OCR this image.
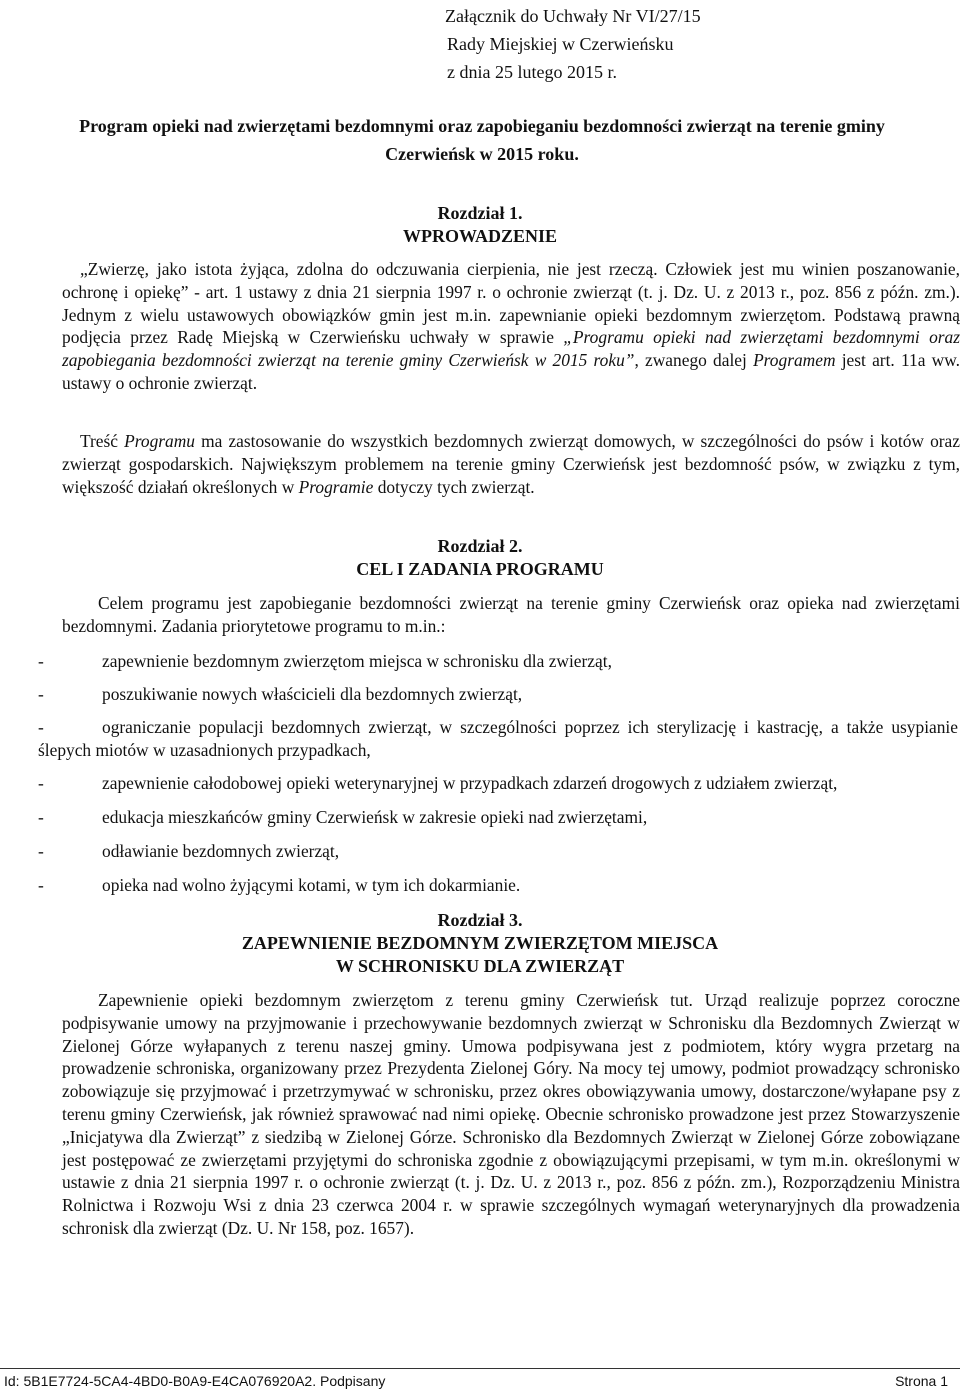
Załącznik do Uchwały Nr VI/27/15
Rady Miejskiej w Czerwieńsku
z dnia 25 lutego 2015 r.
Program opieki nad zwierzętami bezdomnymi oraz zapobieganiu bezdomności zwierząt na terenie gminy Czerwieńsk w 2015 roku.
Rozdział 1.
WPROWADZENIE

„Zwierzę, jako istota żyjąca, zdolna do odczuwania cierpienia, nie jest rzeczą. Człowiek jest mu winien poszanowanie, ochronę i opiekę” - art. 1 ustawy z dnia 21 sierpnia 1997 r. o ochronie zwierząt (t. j. Dz. U. z 2013 r., poz. 856 z późn. zm.). Jednym z wielu ustawowych obowiązków gmin jest m.in. zapewnianie opieki bezdomnym zwierzętom. Podstawą prawną podjęcia przez Radę Miejską w Czerwieńsku uchwały w sprawie „Programu opieki nad zwierzętami bezdomnymi oraz zapobiegania bezdomności zwierząt na terenie gminy Czerwieńsk w 2015 roku”, zwanego dalej Programem jest art. 11a ww. ustawy o ochronie zwierząt.

Treść Programu ma zastosowanie do wszystkich bezdomnych zwierząt domowych, w szczególności do psów i kotów oraz zwierząt gospodarskich. Największym problemem na terenie gminy Czerwieńsk jest bezdomność psów, w związku z tym, większość działań określonych w Programie dotyczy tych zwierząt.

Rozdział 2.
CEL I ZADANIA PROGRAMU

Celem programu jest zapobieganie bezdomności zwierząt na terenie gminy Czerwieńsk oraz opieka nad zwierzętami bezdomnymi. Zadania priorytetowe programu to m.in.:

-	zapewnienie bezdomnym zwierzętom miejsca w schronisku dla zwierząt,
-	poszukiwanie nowych właścicieli dla bezdomnych zwierząt,
-	ograniczanie populacji bezdomnych zwierząt, w szczególności poprzez ich sterylizację i kastrację, a także usypianie ślepych miotów w uzasadnionych przypadkach,
-	zapewnienie całodobowej opieki weterynaryjnej w przypadkach zdarzeń drogowych z udziałem zwierząt,
-	edukacja mieszkańców gminy Czerwieńsk w zakresie opieki nad zwierzętami,
-	odławianie bezdomnych zwierząt,
-	opieka nad wolno żyjącymi kotami, w tym ich dokarmianie.
Rozdział 3.
ZAPEWNIENIE BEZDOMNYM ZWIERZĘTOM MIEJSCA
W SCHRONISKU DLA ZWIERZĄT

Zapewnienie opieki bezdomnym zwierzętom z terenu gminy Czerwieńsk tut. Urząd realizuje poprzez coroczne podpisywanie umowy na przyjmowanie i przechowywanie bezdomnych zwierząt w Schronisku dla Bezdomnych Zwierząt w Zielonej Górze wyłapanych z terenu naszej gminy. Umowa podpisywana jest z podmiotem, który wygra przetarg na prowadzenie schroniska, organizowany przez Prezydenta Zielonej Góry. Na mocy tej umowy, podmiot prowadzący schronisko zobowiązuje się przyjmować i przetrzymywać w schronisku, przez okres obowiązywania umowy, dostarczone/wyłapane psy z terenu gminy Czerwieńsk, jak również sprawować nad nimi opiekę. Obecnie schronisko prowadzone jest przez Stowarzyszenie „Inicjatywa dla Zwierząt” z siedzibą w Zielonej Górze. Schronisko dla Bezdomnych Zwierząt w Zielonej Górze zobowiązane jest postępować ze zwierzętami przyjętymi do schroniska zgodnie z obowiązującymi przepisami, w tym m.in. określonymi w ustawie z dnia 21 sierpnia 1997 r. o ochronie zwierząt (t. j. Dz. U. z 2013 r., poz. 856 z późn. zm.), Rozporządzeniu Ministra Rolnictwa i Rozwoju Wsi z dnia 23 czerwca 2004 r. w sprawie szczególnych wymagań weterynaryjnych dla prowadzenia schronisk dla zwierząt (Dz. U. Nr 158, poz. 1657).

Id: 5B1E7724-5CA4-4BD0-B0A9-E4CA076920A2. Podpisany	Strona 1
